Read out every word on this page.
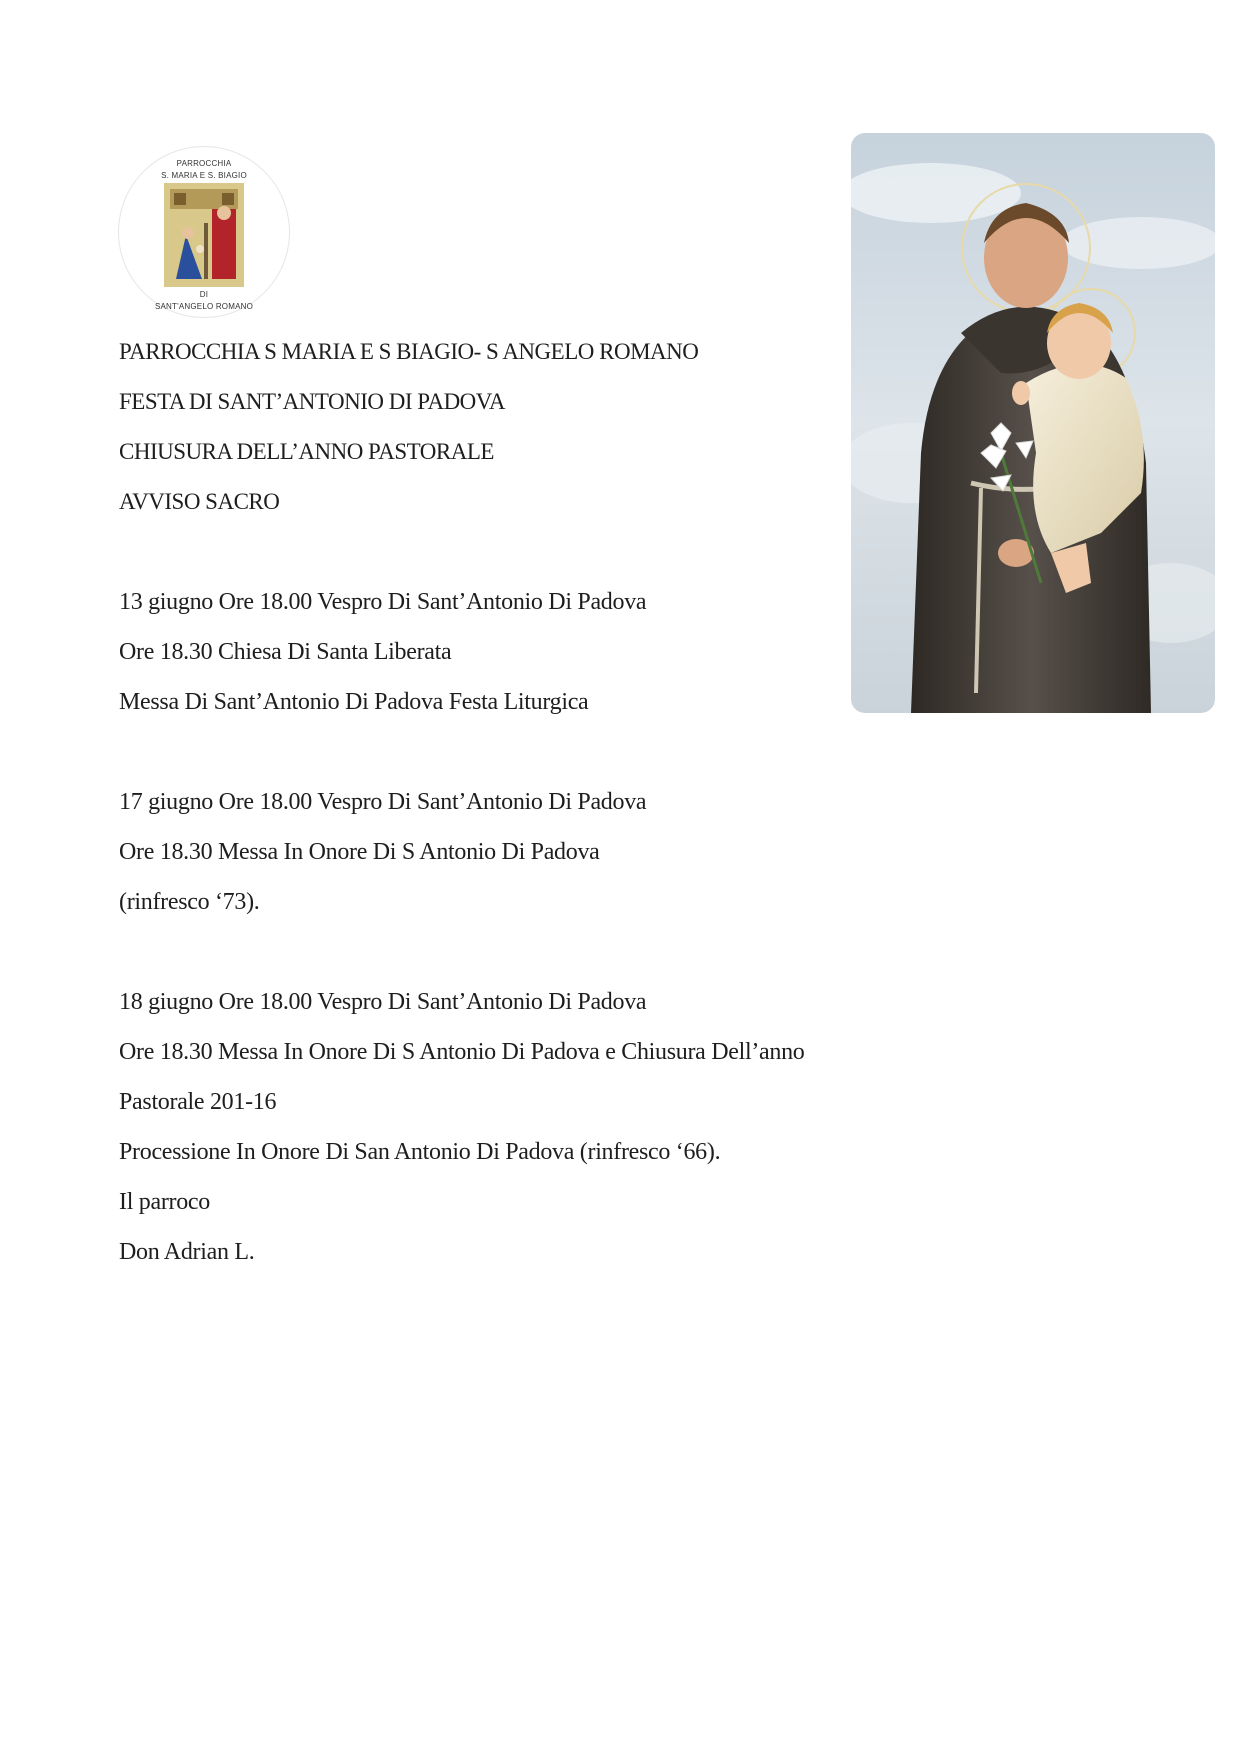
PARROCCHIA
S. MARIA E S. BIAGIO
DI
SANT'ANGELO ROMANO
PARROCCHIA S MARIA E S BIAGIO- S ANGELO ROMANO
FESTA DI SANT’ANTONIO DI PADOVA
CHIUSURA DELL’ANNO PASTORALE
AVVISO SACRO
13 giugno Ore 18.00 Vespro Di Sant’Antonio Di Padova
Ore 18.30 Chiesa Di Santa Liberata
Messa Di Sant’Antonio Di Padova Festa Liturgica
17 giugno Ore 18.00 Vespro Di Sant’Antonio Di Padova
Ore 18.30 Messa In Onore Di S Antonio Di Padova
(rinfresco ‘73).
18 giugno Ore 18.00 Vespro Di Sant’Antonio Di Padova
Ore 18.30 Messa In Onore Di S Antonio Di Padova e Chiusura Dell’anno
Pastorale 201-16
Processione In Onore Di San Antonio Di Padova (rinfresco ‘66).
Il parroco
Don Adrian L.
